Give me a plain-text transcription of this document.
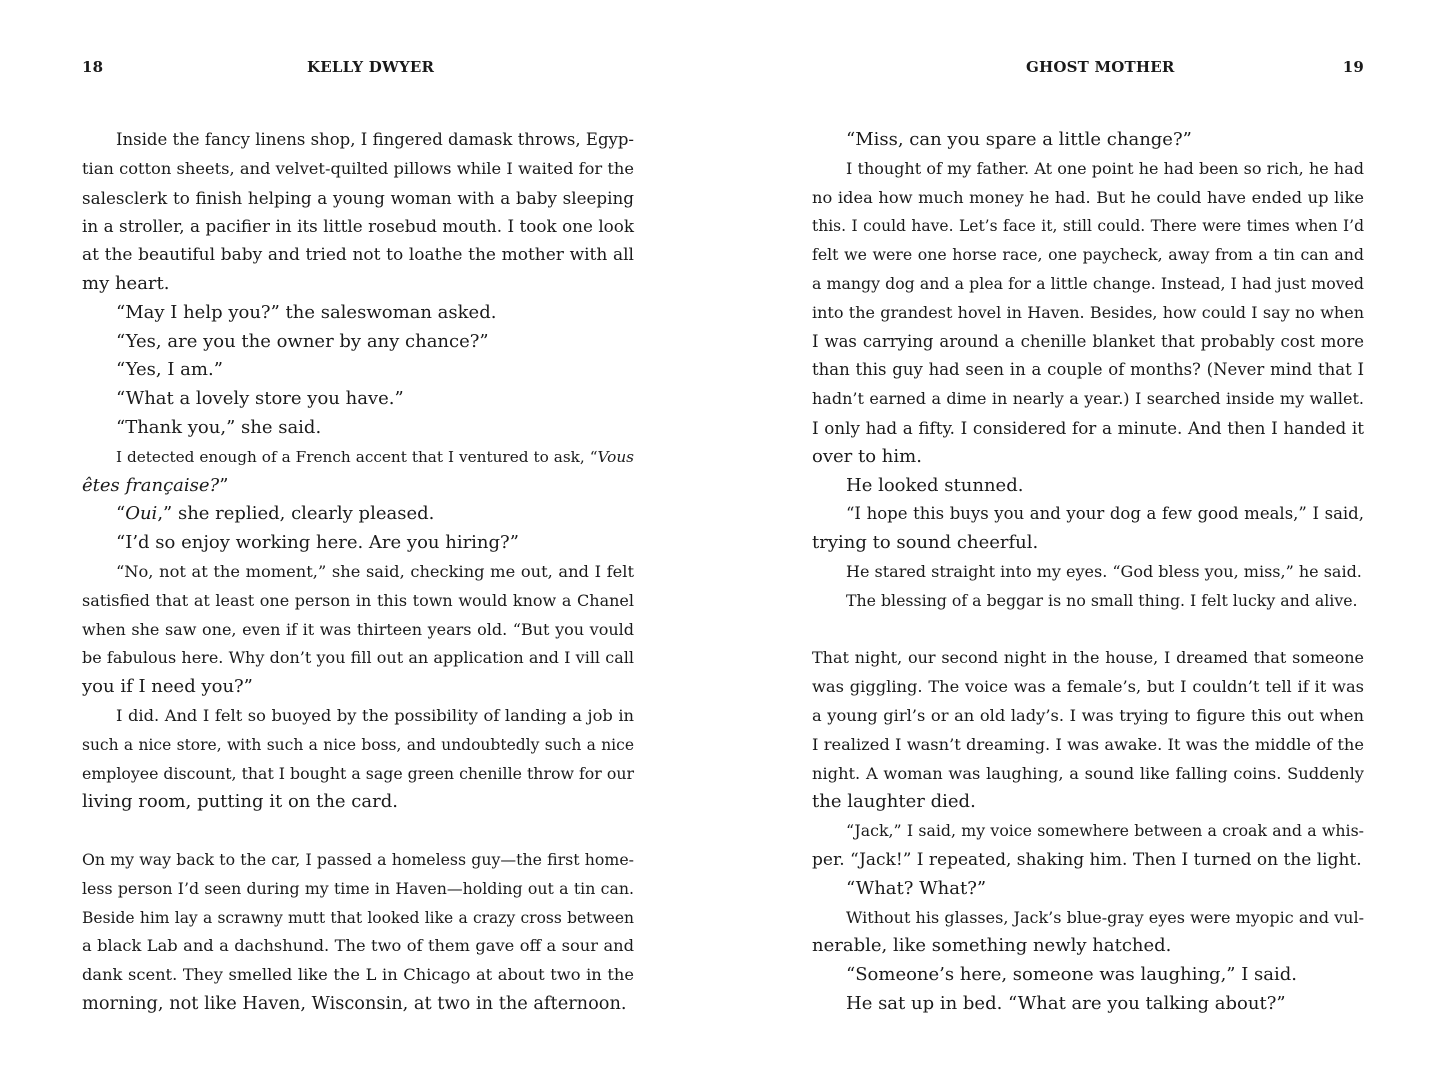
18	KELLY DWYER
Inside the fancy linens shop, I fingered damask throws, Egyp-
tian cotton sheets, and velvet-quilted pillows while I waited for the
salesclerk to finish helping a young woman with a baby sleeping
in a stroller, a pacifier in its little rosebud mouth. I took one look
at the beautiful baby and tried not to loathe the mother with all
my heart.
“May I help you?” the saleswoman asked.
“Yes, are you the owner by any chance?”
“Yes, I am.”
“What a lovely store you have.”
“Thank you,” she said.
I detected enough of a French accent that I ventured to ask, “Vous
êtes française?”
“Oui,” she replied, clearly pleased.
“I’d so enjoy working here. Are you hiring?”
“No, not at the moment,” she said, checking me out, and I felt
satisfied that at least one person in this town would know a Chanel
when she saw one, even if it was thirteen years old. “But you vould
be fabulous here. Why don’t you fill out an application and I vill call
you if I need you?”
I did. And I felt so buoyed by the possibility of landing a job in
such a nice store, with such a nice boss, and undoubtedly such a nice
employee discount, that I bought a sage green chenille throw for our
living room, putting it on the card.
On my way back to the car, I passed a homeless guy—the first home-
less person I’d seen during my time in Haven—holding out a tin can.
Beside him lay a scrawny mutt that looked like a crazy cross between
a black Lab and a dachshund. The two of them gave off a sour and
dank scent. They smelled like the L in Chicago at about two in the
morning, not like Haven, Wisconsin, at two in the afternoon.
GHOST MOTHER	19
“Miss, can you spare a little change?”
I thought of my father. At one point he had been so rich, he had
no idea how much money he had. But he could have ended up like
this. I could have. Let’s face it, still could. There were times when I’d
felt we were one horse race, one paycheck, away from a tin can and
a mangy dog and a plea for a little change. Instead, I had just moved
into the grandest hovel in Haven. Besides, how could I say no when
I was carrying around a chenille blanket that probably cost more
than this guy had seen in a couple of months? (Never mind that I
hadn’t earned a dime in nearly a year.) I searched inside my wallet.
I only had a fifty. I considered for a minute. And then I handed it
over to him.
He looked stunned.
“I hope this buys you and your dog a few good meals,” I said,
trying to sound cheerful.
He stared straight into my eyes. “God bless you, miss,” he said.
The blessing of a beggar is no small thing. I felt lucky and alive.
That night, our second night in the house, I dreamed that someone
was giggling. The voice was a female’s, but I couldn’t tell if it was
a young girl’s or an old lady’s. I was trying to figure this out when
I realized I wasn’t dreaming. I was awake. It was the middle of the
night. A woman was laughing, a sound like falling coins. Suddenly
the laughter died.
“Jack,” I said, my voice somewhere between a croak and a whis-
per. “Jack!” I repeated, shaking him. Then I turned on the light.
“What? What?”
Without his glasses, Jack’s blue-gray eyes were myopic and vul-
nerable, like something newly hatched.
“Someone’s here, someone was laughing,” I said.
He sat up in bed. “What are you talking about?”
